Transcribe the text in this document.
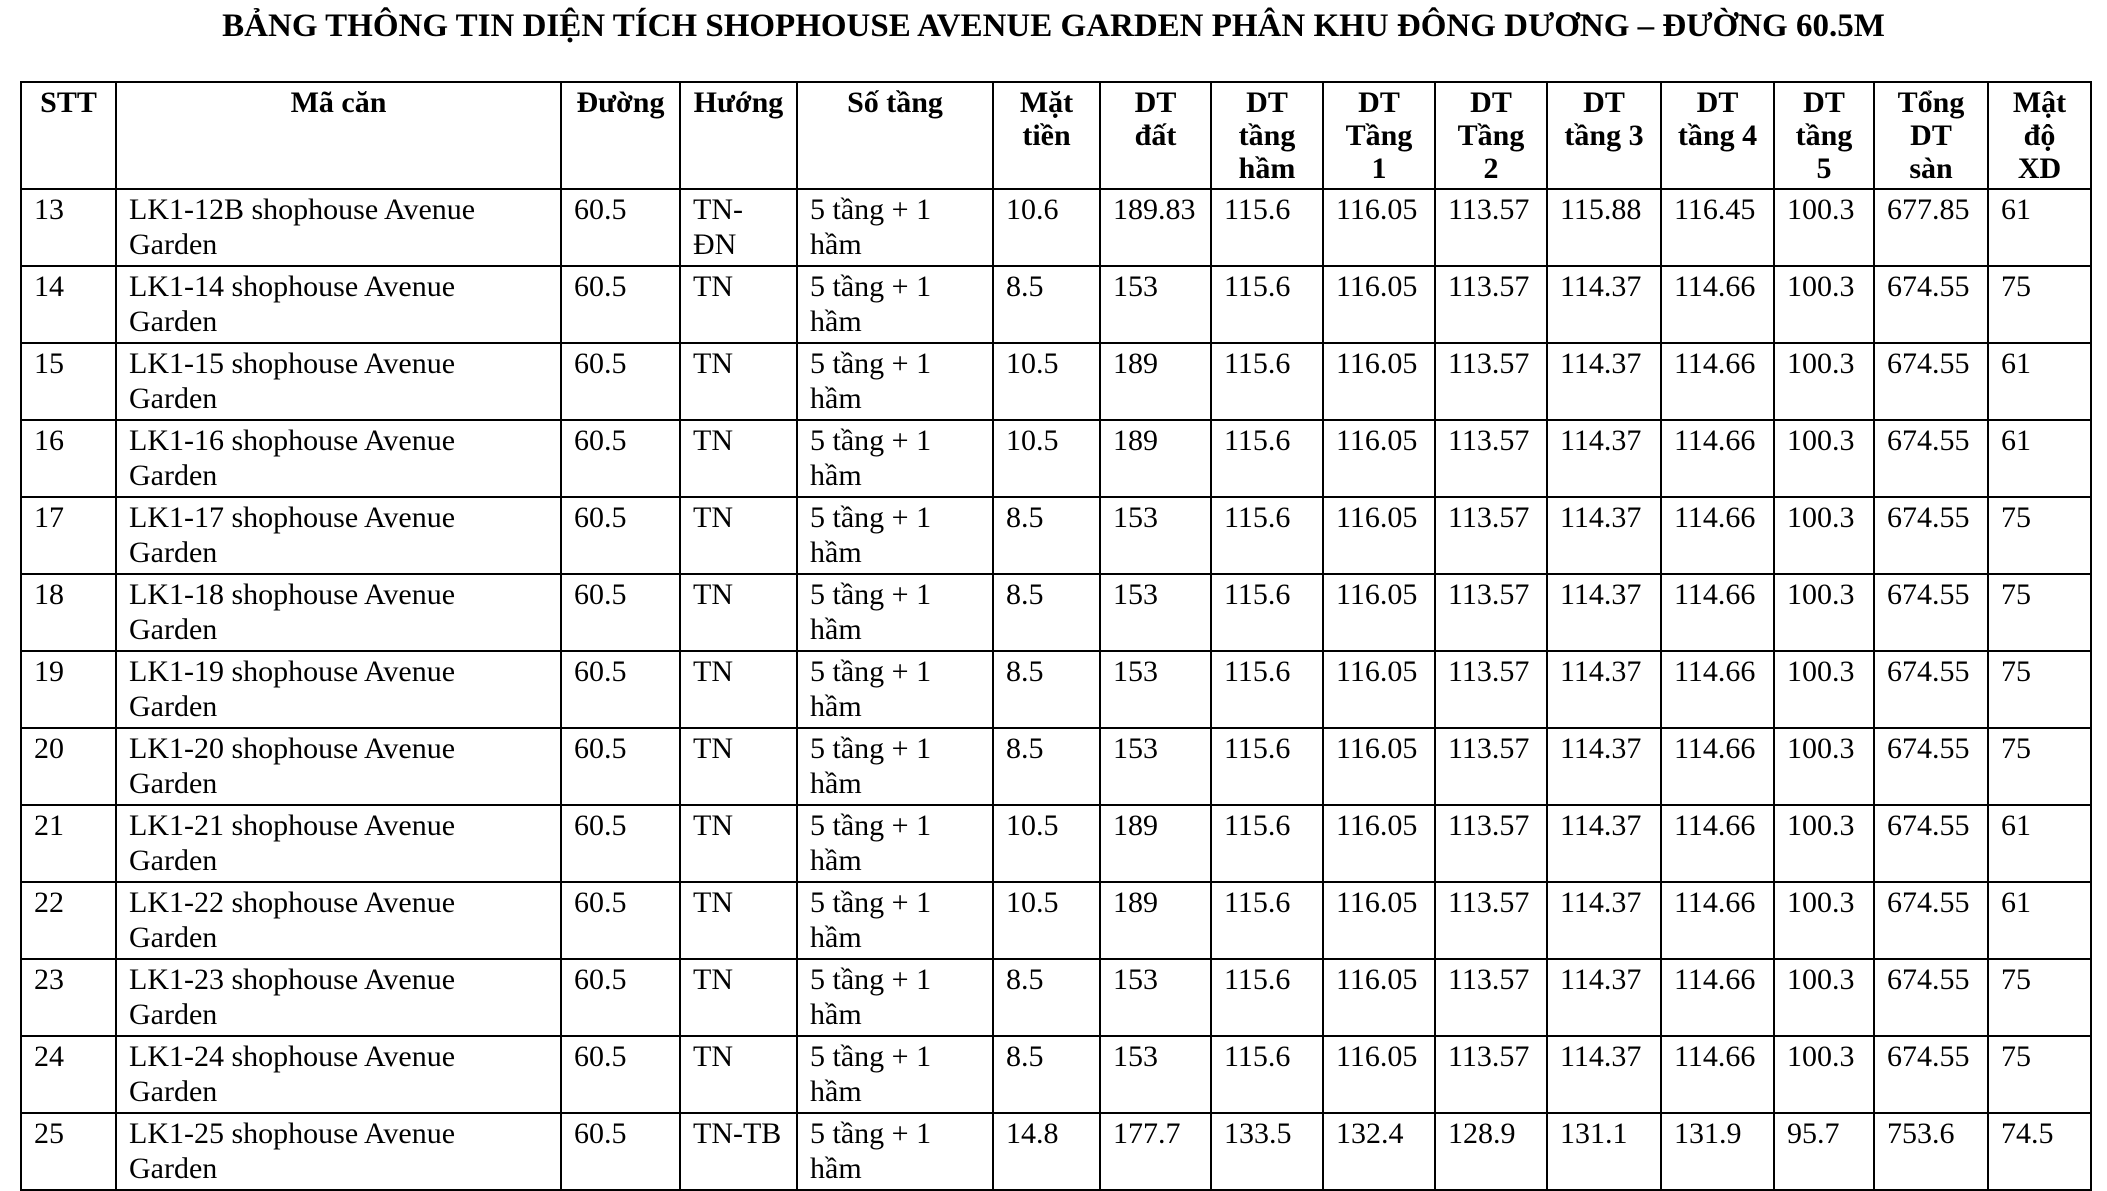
BẢNG THÔNG TIN DIỆN TÍCH SHOPHOUSE AVENUE GARDEN PHÂN KHU ĐÔNG DƯƠNG – ĐƯỜNG 60.5M
STT	Mã căn	Đường	Hướng	Số tầng	Mặt tiền	DT đất	DT tầng hầm	DT Tầng 1	DT Tầng 2	DT tầng 3	DT tầng 4	DT tầng 5	Tổng DT sàn	Mật độ XD
13	LK1-12B shophouse Avenue Garden	60.5	TN-ĐN	5 tầng + 1 hầm	10.6	189.83	115.6	116.05	113.57	115.88	116.45	100.3	677.85	61
14	LK1-14 shophouse Avenue Garden	60.5	TN	5 tầng + 1 hầm	8.5	153	115.6	116.05	113.57	114.37	114.66	100.3	674.55	75
15	LK1-15 shophouse Avenue Garden	60.5	TN	5 tầng + 1 hầm	10.5	189	115.6	116.05	113.57	114.37	114.66	100.3	674.55	61
16	LK1-16 shophouse Avenue Garden	60.5	TN	5 tầng + 1 hầm	10.5	189	115.6	116.05	113.57	114.37	114.66	100.3	674.55	61
17	LK1-17 shophouse Avenue Garden	60.5	TN	5 tầng + 1 hầm	8.5	153	115.6	116.05	113.57	114.37	114.66	100.3	674.55	75
18	LK1-18 shophouse Avenue Garden	60.5	TN	5 tầng + 1 hầm	8.5	153	115.6	116.05	113.57	114.37	114.66	100.3	674.55	75
19	LK1-19 shophouse Avenue Garden	60.5	TN	5 tầng + 1 hầm	8.5	153	115.6	116.05	113.57	114.37	114.66	100.3	674.55	75
20	LK1-20 shophouse Avenue Garden	60.5	TN	5 tầng + 1 hầm	8.5	153	115.6	116.05	113.57	114.37	114.66	100.3	674.55	75
21	LK1-21 shophouse Avenue Garden	60.5	TN	5 tầng + 1 hầm	10.5	189	115.6	116.05	113.57	114.37	114.66	100.3	674.55	61
22	LK1-22 shophouse Avenue Garden	60.5	TN	5 tầng + 1 hầm	10.5	189	115.6	116.05	113.57	114.37	114.66	100.3	674.55	61
23	LK1-23 shophouse Avenue Garden	60.5	TN	5 tầng + 1 hầm	8.5	153	115.6	116.05	113.57	114.37	114.66	100.3	674.55	75
24	LK1-24 shophouse Avenue Garden	60.5	TN	5 tầng + 1 hầm	8.5	153	115.6	116.05	113.57	114.37	114.66	100.3	674.55	75
25	LK1-25 shophouse Avenue Garden	60.5	TN-TB	5 tầng + 1 hầm	14.8	177.7	133.5	132.4	128.9	131.1	131.9	95.7	753.6	74.5
